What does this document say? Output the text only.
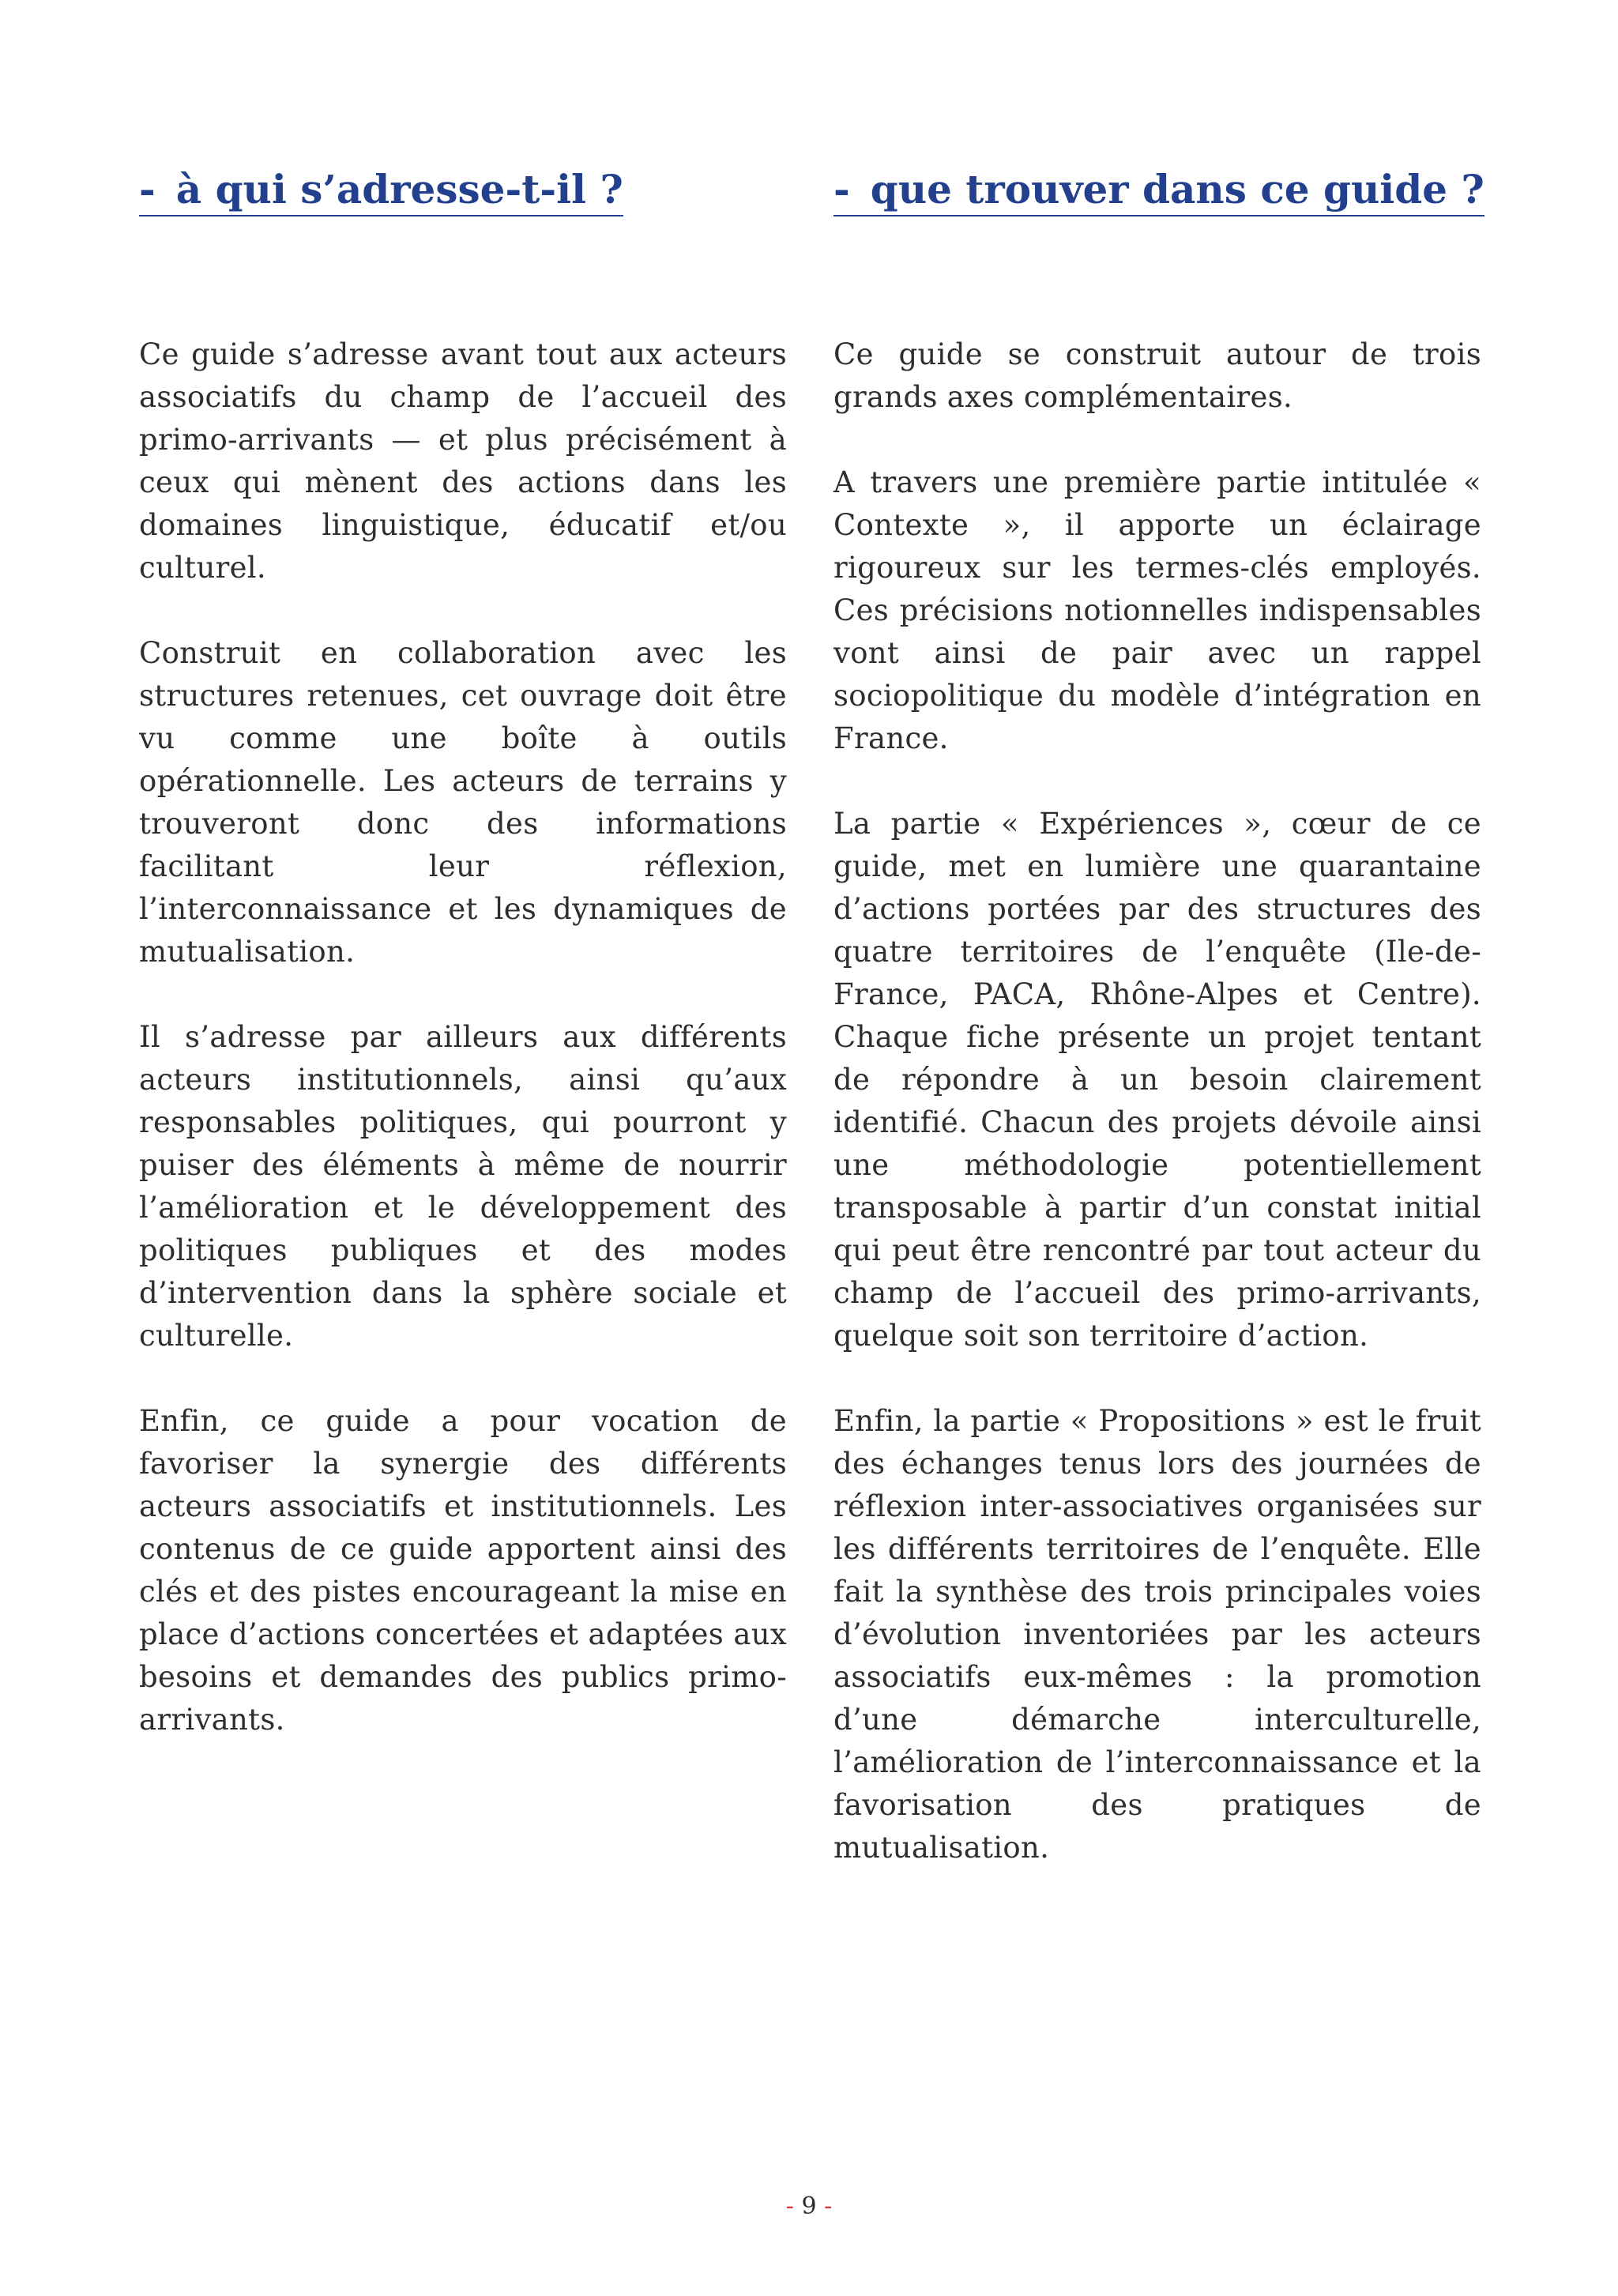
- à qui s’adresse-t-il ?

Ce guide s’adresse avant tout aux acteurs associatifs du champ de l’accueil des primo-arrivants — et plus précisément à ceux qui mènent des actions dans les domaines linguistique, éducatif et/ou culturel.

Construit en collaboration avec les structures retenues, cet ouvrage doit être vu comme une boîte à outils opérationnelle. Les acteurs de terrains y trouveront donc des informations facilitant leur réflexion, l’interconnaissance et les dynamiques de mutualisation.

Il s’adresse par ailleurs aux différents acteurs institutionnels, ainsi qu’aux responsables politiques, qui pourront y puiser des éléments à même de nourrir l’amélioration et le développement des politiques publiques et des modes d’intervention dans la sphère sociale et culturelle.

Enfin, ce guide a pour vocation de favoriser la synergie des différents acteurs associatifs et institutionnels. Les contenus de ce guide apportent ainsi des clés et des pistes encourageant la mise en place d’actions concertées et adaptées aux besoins et demandes des publics primo-arrivants.

- que trouver dans ce guide ?

Ce guide se construit autour de trois grands axes complémentaires.

A travers une première partie intitulée « Contexte », il apporte un éclairage rigoureux sur les termes-clés employés. Ces précisions notionnelles indispensables vont ainsi de pair avec un rappel sociopolitique du modèle d’intégration en France.

La partie « Expériences », cœur de ce guide, met en lumière une quarantaine d’actions portées par des structures des quatre territoires de l’enquête (Ile-de-France, PACA, Rhône-Alpes et Centre). Chaque fiche présente un projet tentant de répondre à un besoin clairement identifié. Chacun des projets dévoile ainsi une méthodologie potentiellement transposable à partir d’un constat initial qui peut être rencontré par tout acteur du champ de l’accueil des primo-arrivants, quelque soit son territoire d’action.

Enfin, la partie « Propositions » est le fruit des échanges tenus lors des journées de réflexion inter-associatives organisées sur les différents territoires de l’enquête. Elle fait la synthèse des trois principales voies d’évolution inventoriées par les acteurs associatifs eux-mêmes : la promotion d’une démarche interculturelle, l’amélioration de l’interconnaissance et la favorisation des pratiques de mutualisation.

- 9 -
